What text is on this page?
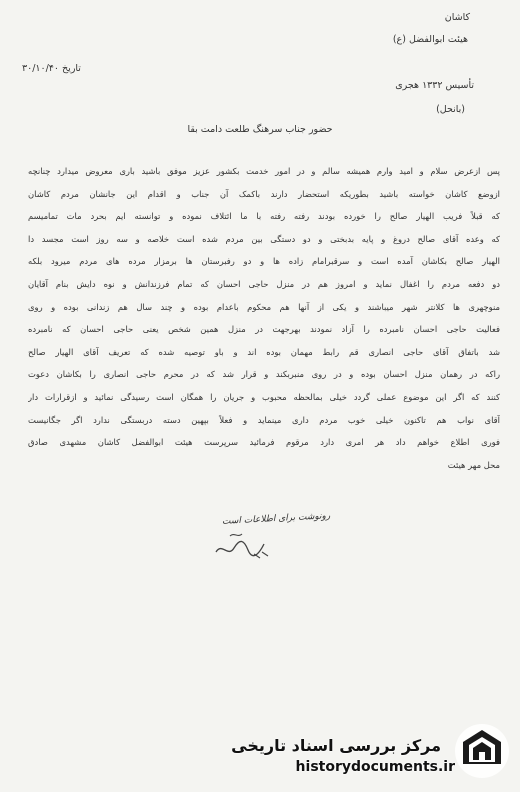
کاشان
هیئت ابوالفضل (ع)
تاریخ ۳۰/۱۰/۴۰
تأسیس ۱۳۳۲ هجری
(بانحل)
حضور جناب سرهنگ طلعت دامت بقا
پس ازعرض سلام و امید وارم همیشه سالم و در امور خدمت بکشور عزیز موفق باشید باری معروض میدارد چنانچه
ازوضع کاشان خواسته باشید بطوریکه استحضار دارند باکمک آن جناب و اقدام این جانشان مردم کاشان
که قبلاً فریب الهیار صالح را خورده بودند رفته رفته با ما ائتلاف نموده و توانسته ایم بحرد مات تمامیسم
که وعده آقای صالح دروغ و پایه بدبختی و دو دستگی بین مردم شده است خلاصه و سه روز است مجسد دا
الهیار صالح بکاشان آمده است و سرقبرامام زاده ها و دو رفبرستان ها برمزار مرده های مردم میرود بلکه
دو دفعه مردم را اغفال نماید و امروز هم در منزل حاجی احسان که تمام فرزندانش و نوه دایش بنام آقایان
منوچهری ها کلانتر شهر میباشند و یکی از آنها هم محکوم باعدام بوده و چند سال هم زندانی بوده و روی
فعالیت حاجی احسان نامبرده را آزاد نمودند بهرجهت در منزل همین شخص یعنی حاجی احسان که نامبرده
شد باتفاق آقای حاجی انصاری قم رابط مهمان بوده اند و باو توصیه شده که تعریف آقای الهیار صالح
راکه در رهمان منزل احسان بوده و در روی منبربکند و قرار شد که در محرم حاجی انصاری را بکاشان دعوت
کنند که اگر این موضوع عملی گردد خیلی بمالحظه محبوب و جریان را همگان است رسیدگی نمائید و ازقرارات دار
آقای نواب هم تاکنون خیلی خوب مردم داری مینماید و فعلاً بپهین دسته دربستگی ندارد اگر جگانیست
فوری اطلاع خواهم داد هر امری دارد مرقوم فرمائید سرپرست هیئت ابوالفضل کاشان مشهدی صادق
محل مهر هیئت
رونوشت برای اطلاعات است
مرکز بررسی اسناد تاریخی
historydocuments.ir
